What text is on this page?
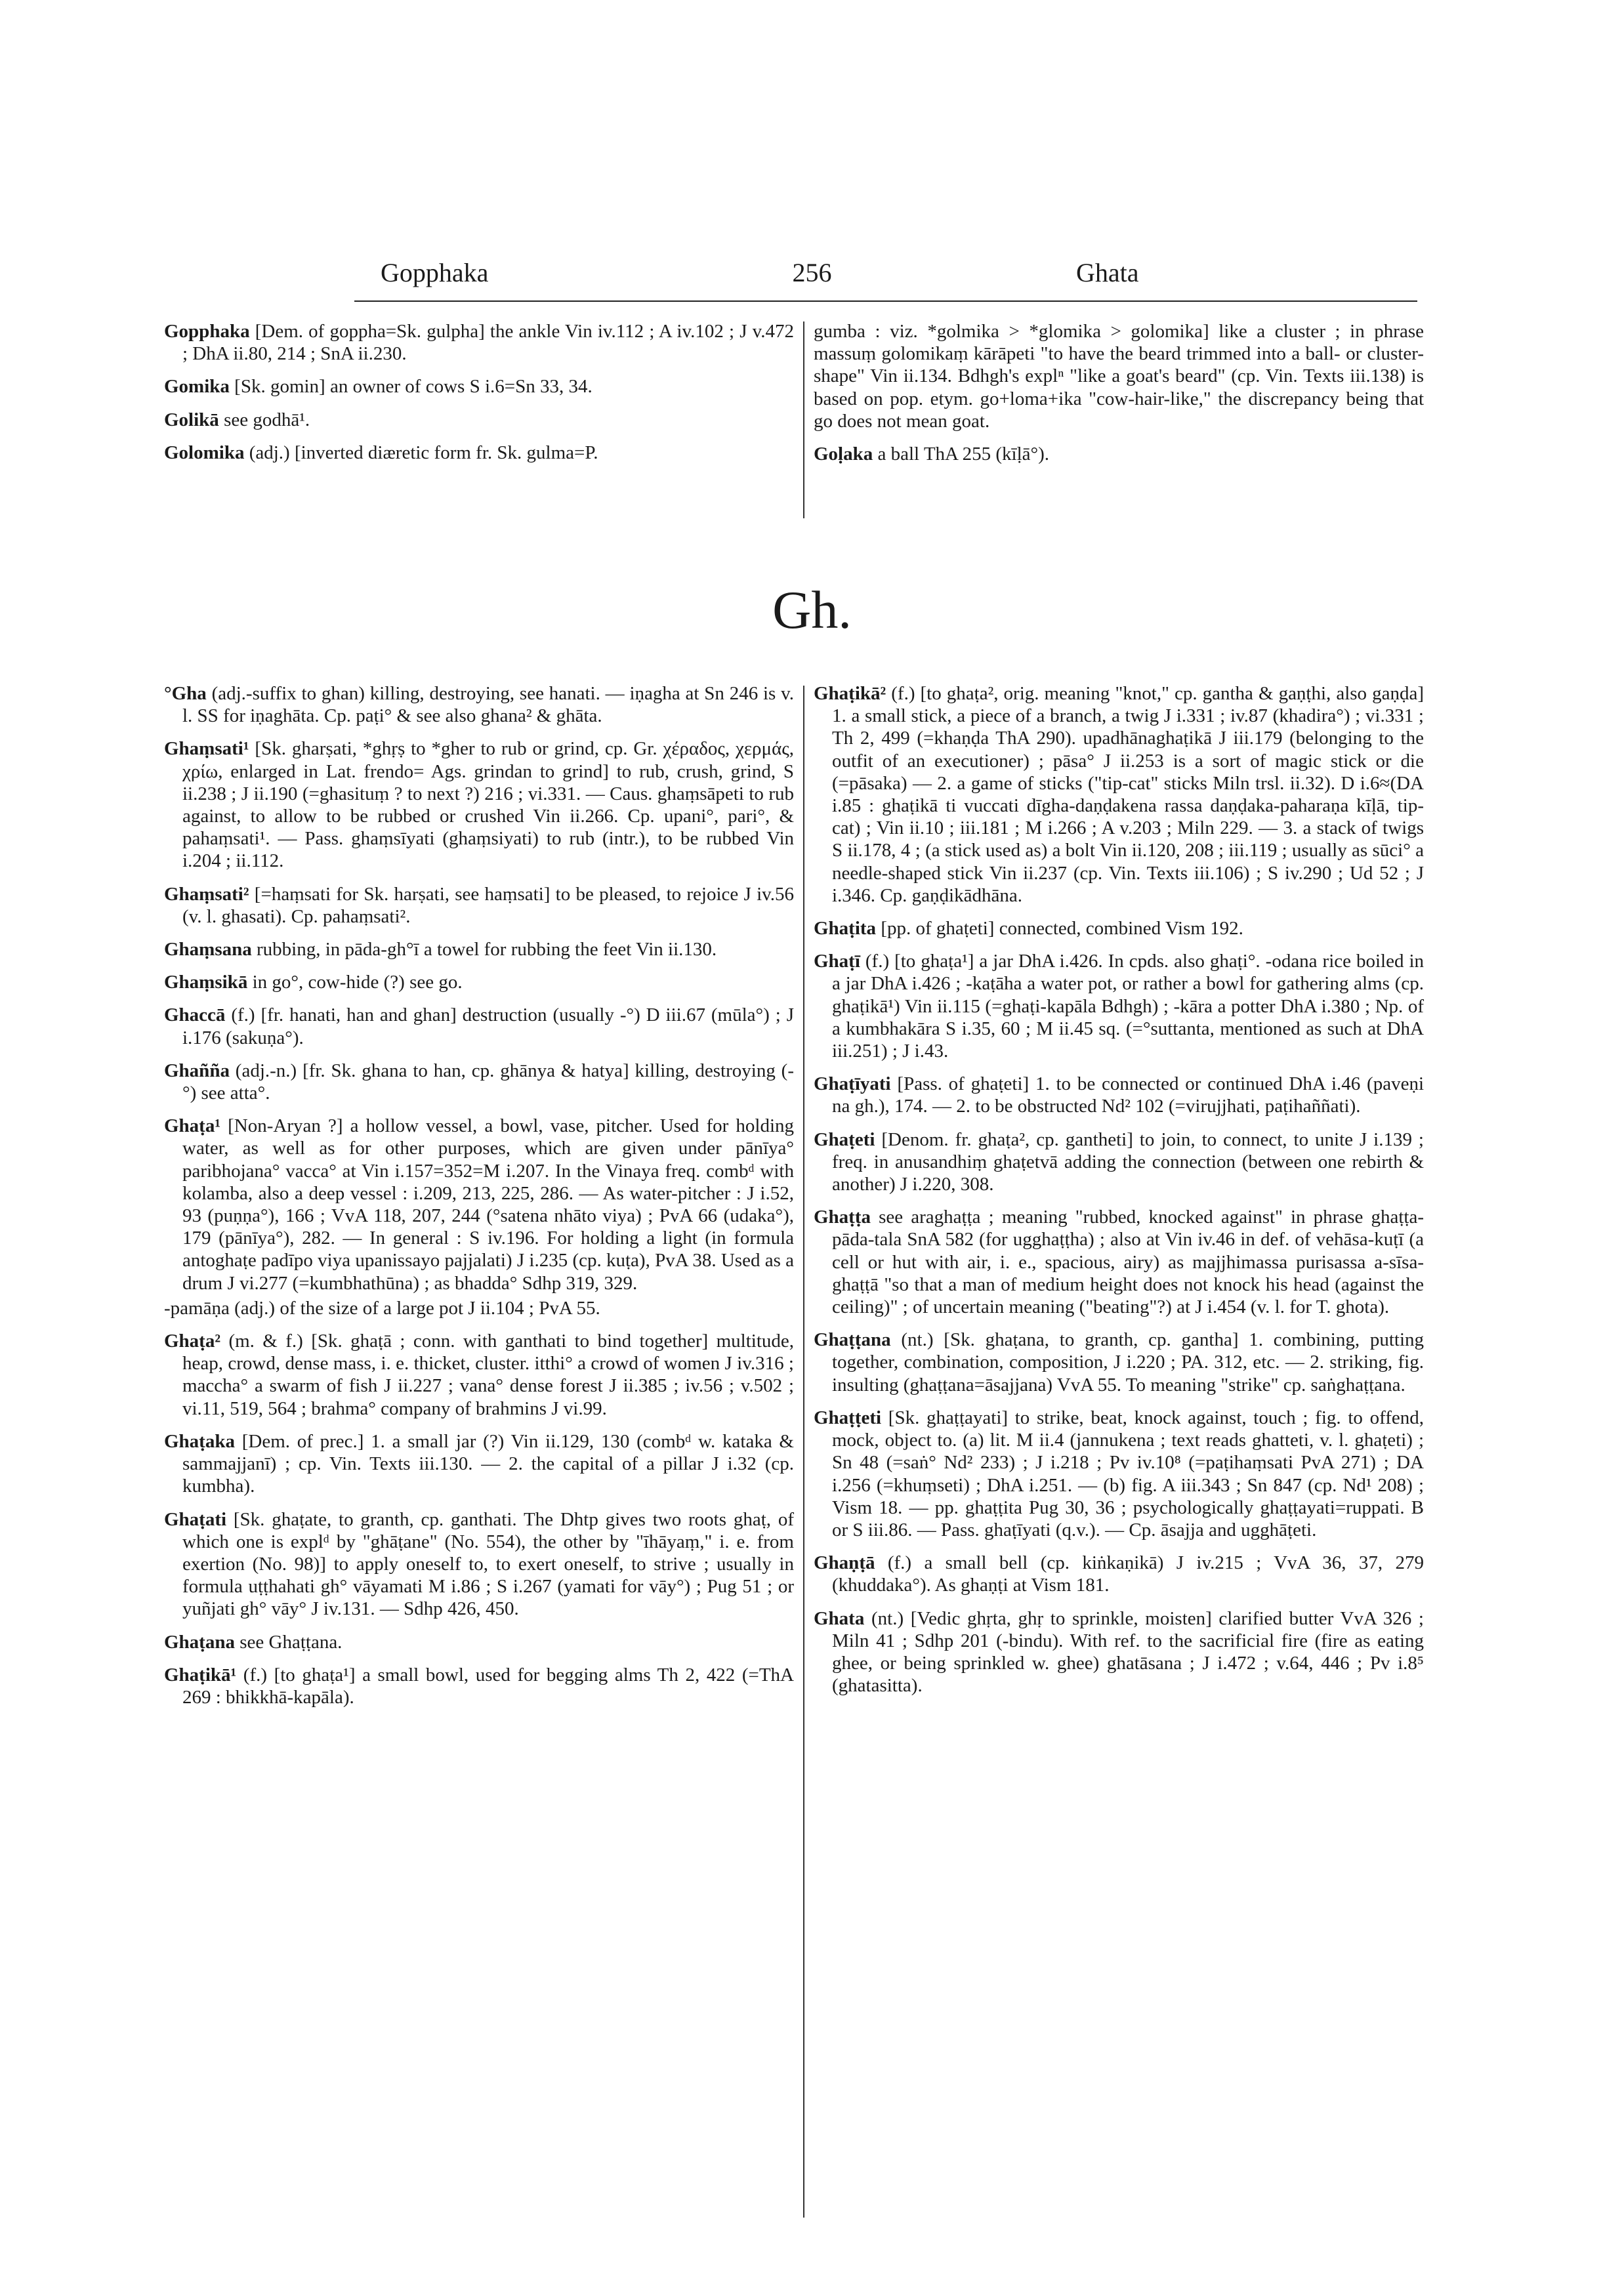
Gopphaka	256	Ghata
Gopphaka [Dem. of goppha=Sk. gulpha] the ankle Vin iv.112 ; A iv.102 ; J v.472 ; DhA ii.80, 214 ; SnA ii.230.
Gomika [Sk. gomin] an owner of cows S i.6=Sn 33, 34.
Golikā see godhā¹.
Golomika (adj.) [inverted diæretic form fr. Sk. gulma=P.
gumba : viz. *golmika > *glomika > golomika] like a cluster ; in phrase massuṃ golomikaṃ kārāpeti "to have the beard trimmed into a ball- or cluster-shape" Vin ii.134. Bdhgh's explⁿ "like a goat's beard" (cp. Vin. Texts iii.138) is based on pop. etym. go+loma+ika "cow-hair-like," the discrepancy being that go does not mean goat.
Goḷaka a ball ThA 255 (kīḷā°).
Gh.
°Gha (adj.-suffix to ghan) killing, destroying, see hanati. — iṇagha at Sn 246 is v. l. SS for iṇaghāta. Cp. paṭi° & see also ghana² & ghāta.
Ghaṃsati¹ [Sk. gharṣati, *ghṛṣ to *gher to rub or grind, cp. Gr. χέραδος, χερμάς, χρίω, enlarged in Lat. frendo= Ags. grindan to grind] to rub, crush, grind, S ii.238 ; J ii.190 (=ghasituṃ ? to next ?) 216 ; vi.331. — Caus. ghaṃsāpeti to rub against, to allow to be rubbed or crushed Vin ii.266. Cp. upani°, pari°, & pahaṃsati¹. — Pass. ghaṃsīyati (ghaṃsiyati) to rub (intr.), to be rubbed Vin i.204 ; ii.112.
Ghaṃsati² [=haṃsati for Sk. harṣati, see haṃsati] to be pleased, to rejoice J iv.56 (v. l. ghasati). Cp. pahaṃsati².
Ghaṃsana rubbing, in pāda-gh°ī a towel for rubbing the feet Vin ii.130.
Ghaṃsikā in go°, cow-hide (?) see go.
Ghaccā (f.) [fr. hanati, han and ghan] destruction (usually -°) D iii.67 (mūla°) ; J i.176 (sakuṇa°).
Ghañña (adj.-n.) [fr. Sk. ghana to han, cp. ghānya & hatya] killing, destroying (-°) see atta°.
Ghaṭa¹ [Non-Aryan ?] a hollow vessel, a bowl, vase, pitcher. Used for holding water, as well as for other purposes, which are given under pānīya° paribhojana° vacca° at Vin i.157=352=M i.207. In the Vinaya freq. combᵈ with kolamba, also a deep vessel : i.209, 213, 225, 286. — As water-pitcher : J i.52, 93 (puṇṇa°), 166 ; VvA 118, 207, 244 (°satena nhāto viya) ; PvA 66 (udaka°), 179 (pānīya°), 282. — In general : S iv.196. For holding a light (in formula antoghaṭe padīpo viya upanissayo pajjalati) J i.235 (cp. kuṭa), PvA 38. Used as a drum J vi.277 (=kumbhathūna) ; as bhadda° Sdhp 319, 329.
-pamāṇa (adj.) of the size of a large pot J ii.104 ; PvA 55.
Ghaṭa² (m. & f.) [Sk. ghaṭā ; conn. with ganthati to bind together] multitude, heap, crowd, dense mass, i. e. thicket, cluster. itthi° a crowd of women J iv.316 ; maccha° a swarm of fish J ii.227 ; vana° dense forest J ii.385 ; iv.56 ; v.502 ; vi.11, 519, 564 ; brahma° company of brahmins J vi.99.
Ghaṭaka [Dem. of prec.] 1. a small jar (?) Vin ii.129, 130 (combᵈ w. kataka & sammajjanī) ; cp. Vin. Texts iii.130. — 2. the capital of a pillar J i.32 (cp. kumbha).
Ghaṭati [Sk. ghaṭate, to granth, cp. ganthati. The Dhtp gives two roots ghaṭ, of which one is explᵈ by "ghāṭane" (No. 554), the other by "īhāyaṃ," i. e. from exertion (No. 98)] to apply oneself to, to exert oneself, to strive ; usually in formula uṭṭhahati gh° vāyamati M i.86 ; S i.267 (yamati for vāy°) ; Pug 51 ; or yuñjati gh° vāy° J iv.131. — Sdhp 426, 450.
Ghaṭana see Ghaṭṭana.
Ghaṭikā¹ (f.) [to ghaṭa¹] a small bowl, used for begging alms Th 2, 422 (=ThA 269 : bhikkhā-kapāla).
Ghaṭikā² (f.) [to ghaṭa², orig. meaning "knot," cp. gantha & gaṇṭhi, also gaṇḍa] 1. a small stick, a piece of a branch, a twig J i.331 ; iv.87 (khadira°) ; vi.331 ; Th 2, 499 (=khaṇḍa ThA 290). upadhānaghaṭikā J iii.179 (belonging to the outfit of an executioner) ; pāsa° J ii.253 is a sort of magic stick or die (=pāsaka) — 2. a game of sticks ("tip-cat" sticks Miln trsl. ii.32). D i.6≈(DA i.85 : ghaṭikā ti vuccati dīgha-daṇḍakena rassa daṇḍaka-paharaṇa kīḷā, tip-cat) ; Vin ii.10 ; iii.181 ; M i.266 ; A v.203 ; Miln 229. — 3. a stack of twigs S ii.178, 4 ; (a stick used as) a bolt Vin ii.120, 208 ; iii.119 ; usually as sūci° a needle-shaped stick Vin ii.237 (cp. Vin. Texts iii.106) ; S iv.290 ; Ud 52 ; J i.346. Cp. gaṇḍikādhāna.
Ghaṭita [pp. of ghaṭeti] connected, combined Vism 192.
Ghaṭī (f.) [to ghaṭa¹] a jar DhA i.426. In cpds. also ghaṭi°. -odana rice boiled in a jar DhA i.426 ; -kaṭāha a water pot, or rather a bowl for gathering alms (cp. ghaṭikā¹) Vin ii.115 (=ghaṭi-kapāla Bdhgh) ; -kāra a potter DhA i.380 ; Np. of a kumbhakāra S i.35, 60 ; M ii.45 sq. (=°suttanta, mentioned as such at DhA iii.251) ; J i.43.
Ghaṭīyati [Pass. of ghaṭeti] 1. to be connected or continued DhA i.46 (paveṇi na gh.), 174. — 2. to be obstructed Nd² 102 (=virujjhati, paṭihaññati).
Ghaṭeti [Denom. fr. ghaṭa², cp. gantheti] to join, to connect, to unite J i.139 ; freq. in anusandhiṃ ghaṭetvā adding the connection (between one rebirth & another) J i.220, 308.
Ghaṭṭa see araghaṭṭa ; meaning "rubbed, knocked against" in phrase ghaṭṭa-pāda-tala SnA 582 (for ugghaṭṭha) ; also at Vin iv.46 in def. of vehāsa-kuṭī (a cell or hut with air, i. e., spacious, airy) as majjhimassa purisassa a-sīsa-ghaṭṭā "so that a man of medium height does not knock his head (against the ceiling)" ; of uncertain meaning ("beating"?) at J i.454 (v. l. for T. ghota).
Ghaṭṭana (nt.) [Sk. ghaṭana, to granth, cp. gantha] 1. combining, putting together, combination, composition, J i.220 ; PA. 312, etc. — 2. striking, fig. insulting (ghaṭṭana=āsajjana) VvA 55. To meaning "strike" cp. saṅghaṭṭana.
Ghaṭṭeti [Sk. ghaṭṭayati] to strike, beat, knock against, touch ; fig. to offend, mock, object to. (a) lit. M ii.4 (jannukena ; text reads ghatteti, v. l. ghaṭeti) ; Sn 48 (=saṅ° Nd² 233) ; J i.218 ; Pv iv.10⁸ (=paṭihaṃsati PvA 271) ; DA i.256 (=khuṃseti) ; DhA i.251. — (b) fig. A iii.343 ; Sn 847 (cp. Nd¹ 208) ; Vism 18. — pp. ghaṭṭita Pug 30, 36 ; psychologically ghaṭṭayati=ruppati. B or S iii.86. — Pass. ghaṭīyati (q.v.). — Cp. āsajja and ugghāṭeti.
Ghaṇṭā (f.) a small bell (cp. kiṅkaṇikā) J iv.215 ; VvA 36, 37, 279 (khuddaka°). As ghaṇṭi at Vism 181.
Ghata (nt.) [Vedic ghṛta, ghṛ to sprinkle, moisten] clarified butter VvA 326 ; Miln 41 ; Sdhp 201 (-bindu). With ref. to the sacrificial fire (fire as eating ghee, or being sprinkled w. ghee) ghatāsana ; J i.472 ; v.64, 446 ; Pv i.8⁵ (ghatasitta).
